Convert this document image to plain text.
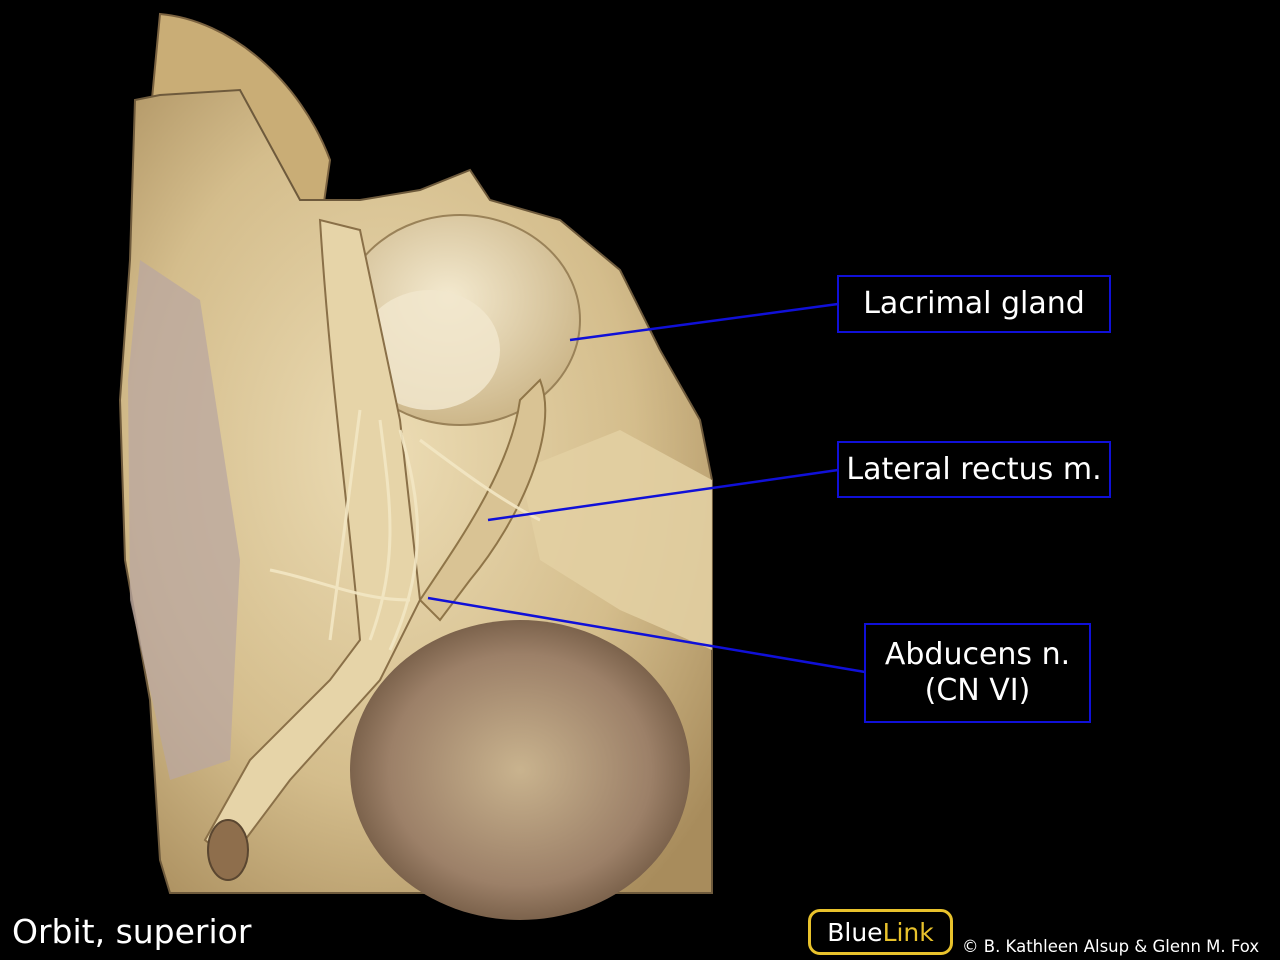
Lacrimal gland
Lateral rectus m.
Abducens n.
(CN VI)
Orbit, superior	Blue Link © B. Kathleen Alsup & Glenn M. Fox
